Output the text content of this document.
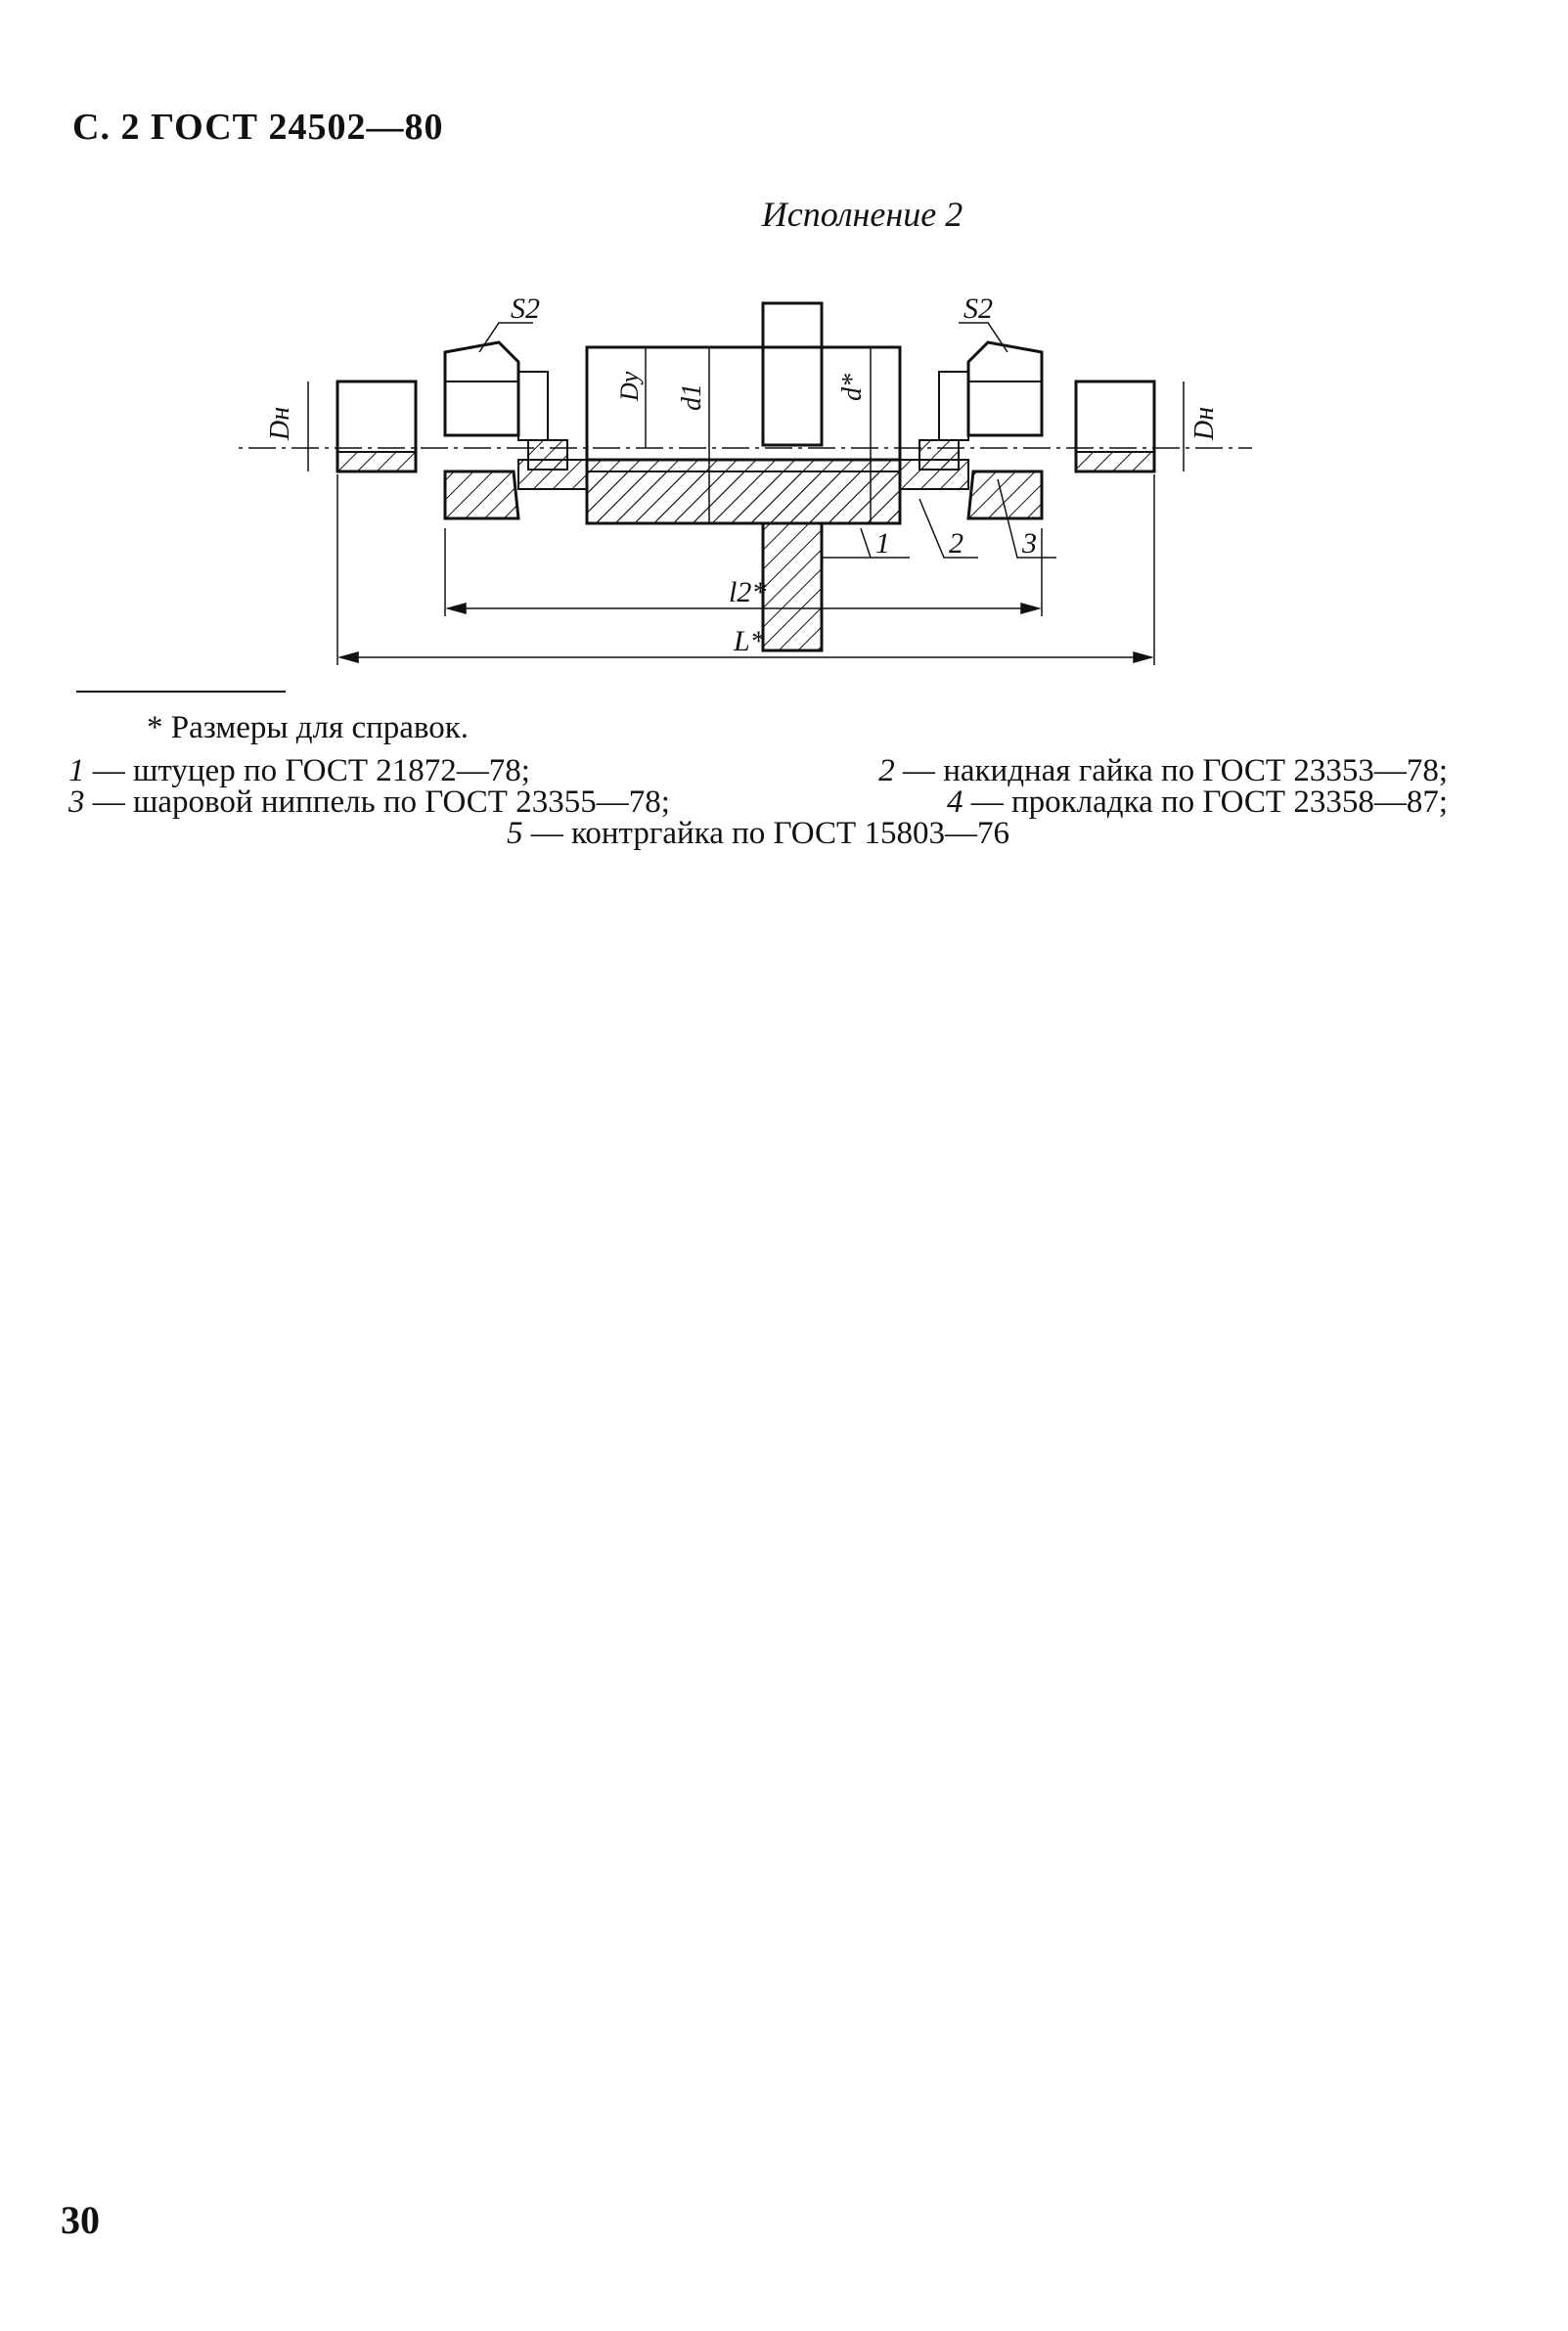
С. 2 ГОСТ 24502—80
Исполнение 2
S2	S2
Dн	Dн
Dу d1	d*
l2*
L*
1 2 3
* Размеры для справок.
1 — штуцер по ГОСТ 21872—78;	2 — накидная гайка по ГОСТ 23353—78;
3 — шаровой ниппель по ГОСТ 23355—78;	4 — прокладка по ГОСТ 23358—87;
5 — контргайка по ГОСТ 15803—76
30
